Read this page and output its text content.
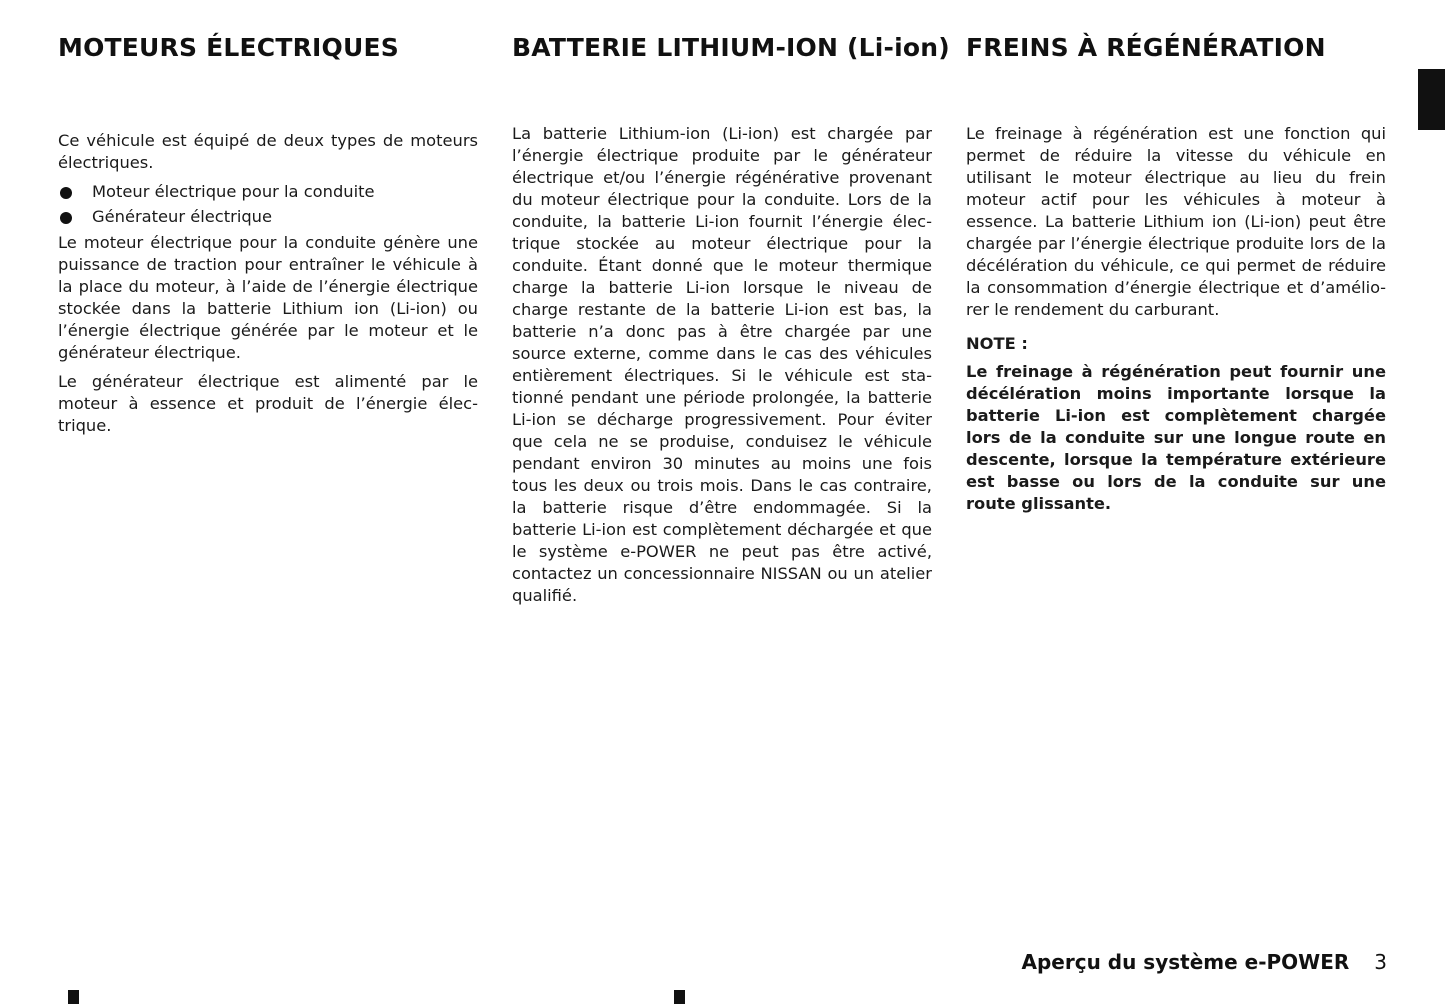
MOTEURS ÉLECTRIQUES

Ce véhicule est équipé de deux types de moteurs électriques.

Moteur électrique pour la conduite
Générateur électrique

Le moteur électrique pour la conduite génère une puissance de traction pour entraîner le véhicule à la place du moteur, à l’aide de l’énergie électrique stockée dans la batterie Lithium ion (Li-ion) ou l’énergie électrique générée par le moteur et le générateur électrique.

Le générateur électrique est alimenté par le moteur à essence et produit de l’énergie électrique.

BATTERIE LITHIUM-ION (Li-ion)

La batterie Lithium-ion (Li-ion) est chargée par l’énergie électrique produite par le générateur électrique et/ou l’énergie régénérative provenant du moteur électrique pour la conduite. Lors de la conduite, la batterie Li-ion fournit l’énergie électrique stockée au moteur électrique pour la conduite. Étant donné que le moteur thermique charge la batterie Li-ion lorsque le niveau de charge restante de la batterie Li-ion est bas, la batterie n’a donc pas à être chargée par une source externe, comme dans le cas des véhicules entièrement électriques. Si le véhicule est stationné pendant une période prolongée, la batterie Li-ion se décharge progressivement. Pour éviter que cela ne se produise, conduisez le véhicule pendant environ 30 minutes au moins une fois tous les deux ou trois mois. Dans le cas contraire, la batterie risque d’être endommagée. Si la batterie Li-ion est complètement déchargée et que le système e-POWER ne peut pas être activé, contactez un concessionnaire NISSAN ou un atelier qualifié.

FREINS À RÉGÉNÉRATION

Le freinage à régénération est une fonction qui permet de réduire la vitesse du véhicule en utilisant le moteur électrique au lieu du frein moteur actif pour les véhicules à moteur à essence. La batterie Lithium ion (Li-ion) peut être chargée par l’énergie électrique produite lors de la décélération du véhicule, ce qui permet de réduire la consommation d’énergie électrique et d’améliorer le rendement du carburant.

NOTE :

Le freinage à régénération peut fournir une décélération moins importante lorsque la batterie Li-ion est complètement chargée lors de la conduite sur une longue route en descente, lorsque la température extérieure est basse ou lors de la conduite sur une route glissante.

Aperçu du système e-POWER 3
